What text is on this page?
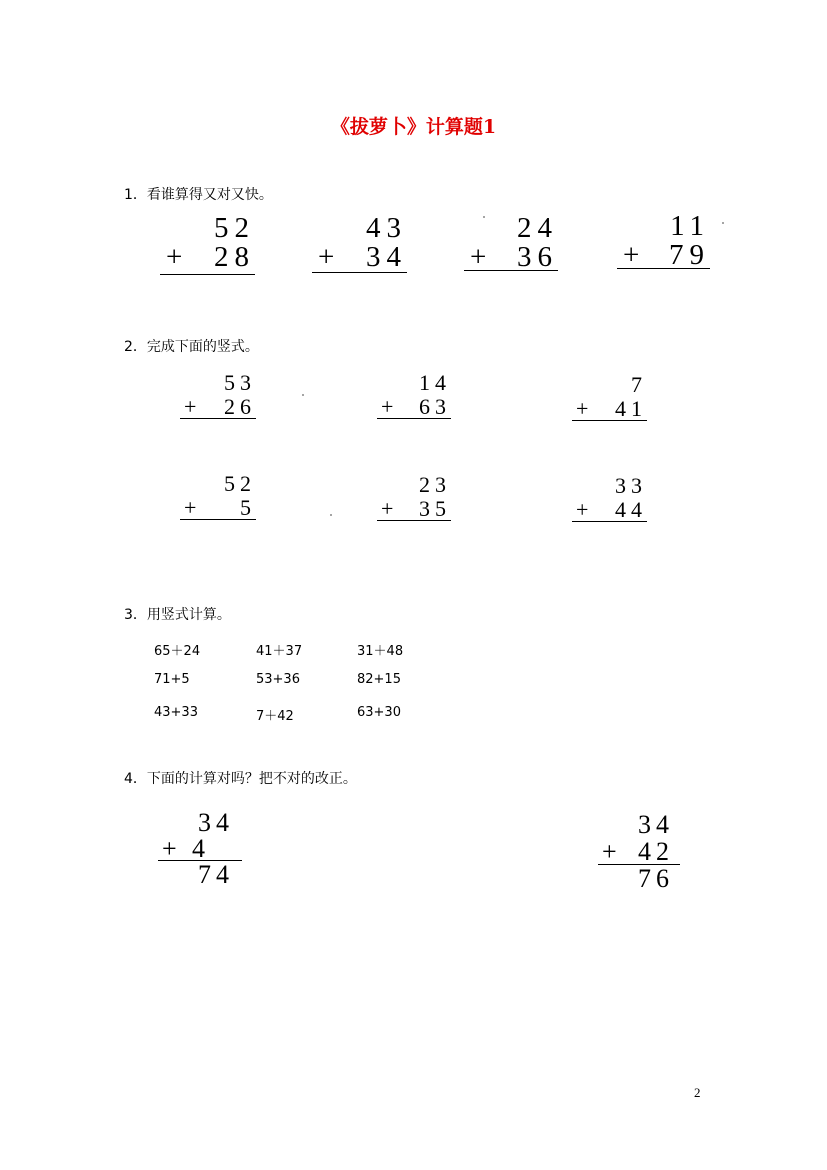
《拔萝卜》计算题1
1．看谁算得又对又快。
52
+ 28
43
+ 34
24
+ 36
11
+ 79
2．完成下面的竖式。
53
+ 26
14
+ 63
7
+ 41
52
+ 5
23
+ 35
33
+ 44
3．用竖式计算。
65＋24	41＋37	31＋48
71+5	53+36	82+15
43+33	7＋42	63+30
4．下面的计算对吗？把不对的改正。
34
+ 4
74
34
+ 42
76
2
